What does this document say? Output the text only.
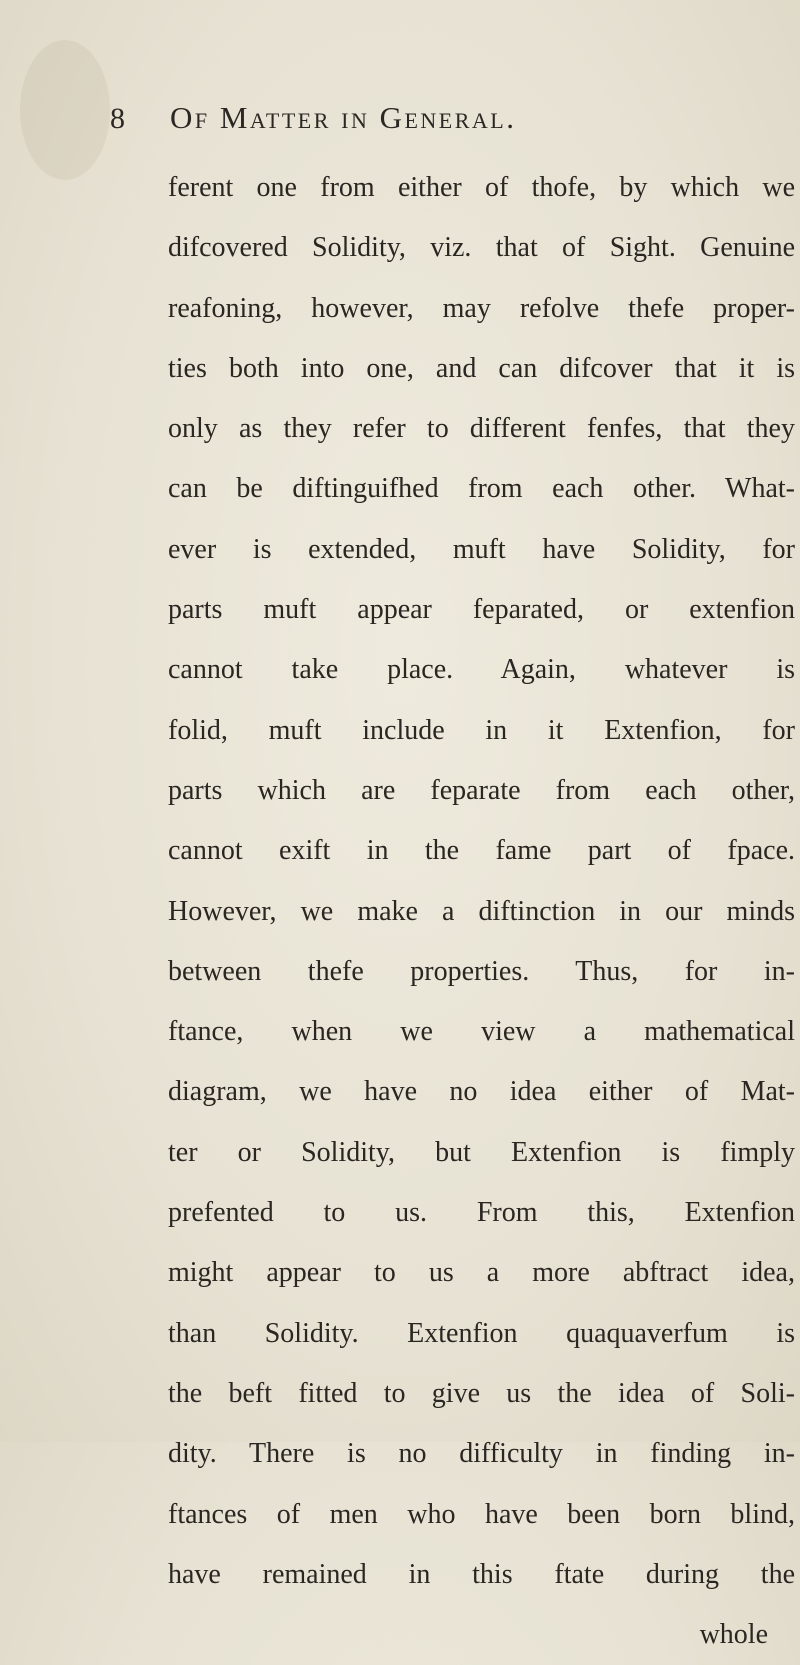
8	Of Matter in General.
ferent one from either of thofe, by which we
difcovered Solidity, viz. that of Sight. Genuine
reafoning, however, may refolve thefe proper-
ties both into one, and can difcover that it is
only as they refer to different fenfes, that they
can be diftinguifhed from each other. What-
ever is extended, muft have Solidity, for
parts muft appear feparated, or extenfion
cannot take place. Again, whatever is
folid, muft include in it Extenfion, for
parts which are feparate from each other,
cannot exift in the fame part of fpace.
However, we make a diftinction in our minds
between thefe properties. Thus, for in-
ftance, when we view a mathematical
diagram, we have no idea either of Mat-
ter or Solidity, but Extenfion is fimply
prefented to us. From this, Extenfion
might appear to us a more abftract idea,
than Solidity. Extenfion quaquaverfum is
the beft fitted to give us the idea of Soli-
dity. There is no difficulty in finding in-
ftances of men who have been born blind,
have remained in this ftate during the
whole
